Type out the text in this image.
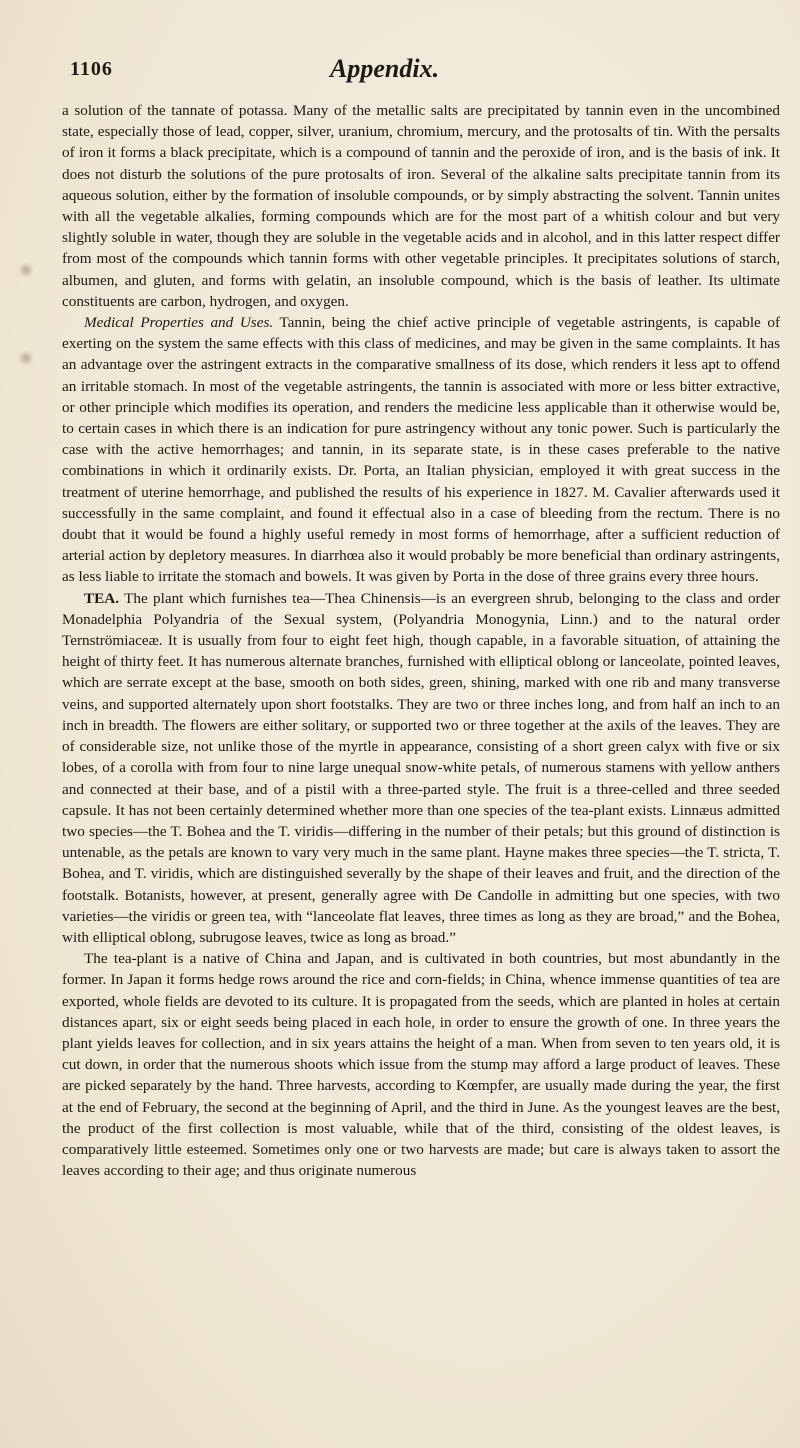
1106	Appendix.

a solution of the tannate of potassa. Many of the metallic salts are precipitated by tannin even in the uncombined state, especially those of lead, copper, silver, uranium, chromium, mercury, and the protosalts of tin. With the persalts of iron it forms a black precipitate, which is a compound of tannin and the peroxide of iron, and is the basis of ink. It does not disturb the solutions of the pure protosalts of iron. Several of the alkaline salts precipitate tannin from its aqueous solution, either by the formation of insoluble compounds, or by simply abstracting the solvent. Tannin unites with all the vegetable alkalies, forming compounds which are for the most part of a whitish colour and but very slightly soluble in water, though they are soluble in the vegetable acids and in alcohol, and in this latter respect differ from most of the compounds which tannin forms with other vegetable principles. It precipitates solutions of starch, albumen, and gluten, and forms with gelatin, an insoluble compound, which is the basis of leather. Its ultimate constituents are carbon, hydrogen, and oxygen.

Medical Properties and Uses. Tannin, being the chief active principle of vegetable astringents, is capable of exerting on the system the same effects with this class of medicines, and may be given in the same complaints. It has an advantage over the astringent extracts in the comparative smallness of its dose, which renders it less apt to offend an irritable stomach. In most of the vegetable astringents, the tannin is associated with more or less bitter extractive, or other principle which modifies its operation, and renders the medicine less applicable than it otherwise would be, to certain cases in which there is an indication for pure astringency without any tonic power. Such is particularly the case with the active hemorrhages; and tannin, in its separate state, is in these cases preferable to the native combinations in which it ordinarily exists. Dr. Porta, an Italian physician, employed it with great success in the treatment of uterine hemorrhage, and published the results of his experience in 1827. M. Cavalier afterwards used it successfully in the same complaint, and found it effectual also in a case of bleeding from the rectum. There is no doubt that it would be found a highly useful remedy in most forms of hemorrhage, after a sufficient reduction of arterial action by depletory measures. In diarrhœa also it would probably be more beneficial than ordinary astringents, as less liable to irritate the stomach and bowels. It was given by Porta in the dose of three grains every three hours.

TEA. The plant which furnishes tea—Thea Chinensis—is an evergreen shrub, belonging to the class and order Monadelphia Polyandria of the Sexual system, (Polyandria Monogynia, Linn.) and to the natural order Ternströmiaceæ. It is usually from four to eight feet high, though capable, in a favorable situation, of attaining the height of thirty feet. It has numerous alternate branches, furnished with elliptical oblong or lanceolate, pointed leaves, which are serrate except at the base, smooth on both sides, green, shining, marked with one rib and many transverse veins, and supported alternately upon short footstalks. They are two or three inches long, and from half an inch to an inch in breadth. The flowers are either solitary, or supported two or three together at the axils of the leaves. They are of considerable size, not unlike those of the myrtle in appearance, consisting of a short green calyx with five or six lobes, of a corolla with from four to nine large unequal snow-white petals, of numerous stamens with yellow anthers and connected at their base, and of a pistil with a three-parted style. The fruit is a three-celled and three seeded capsule. It has not been certainly determined whether more than one species of the tea-plant exists. Linnæus admitted two species—the T. Bohea and the T. viridis—differing in the number of their petals; but this ground of distinction is untenable, as the petals are known to vary very much in the same plant. Hayne makes three species—the T. stricta, T. Bohea, and T. viridis, which are distinguished severally by the shape of their leaves and fruit, and the direction of the footstalk. Botanists, however, at present, generally agree with De Candolle in admitting but one species, with two varieties—the viridis or green tea, with “lanceolate flat leaves, three times as long as they are broad,” and the Bohea, with elliptical oblong, subrugose leaves, twice as long as broad.”

The tea-plant is a native of China and Japan, and is cultivated in both countries, but most abundantly in the former. In Japan it forms hedge rows around the rice and corn-fields; in China, whence immense quantities of tea are exported, whole fields are devoted to its culture. It is propagated from the seeds, which are planted in holes at certain distances apart, six or eight seeds being placed in each hole, in order to ensure the growth of one. In three years the plant yields leaves for collection, and in six years attains the height of a man. When from seven to ten years old, it is cut down, in order that the numerous shoots which issue from the stump may afford a large product of leaves. These are picked separately by the hand. Three harvests, according to Kœmpfer, are usually made during the year, the first at the end of February, the second at the beginning of April, and the third in June. As the youngest leaves are the best, the product of the first collection is most valuable, while that of the third, consisting of the oldest leaves, is comparatively little esteemed. Sometimes only one or two harvests are made; but care is always taken to assort the leaves according to their age; and thus originate numerous
